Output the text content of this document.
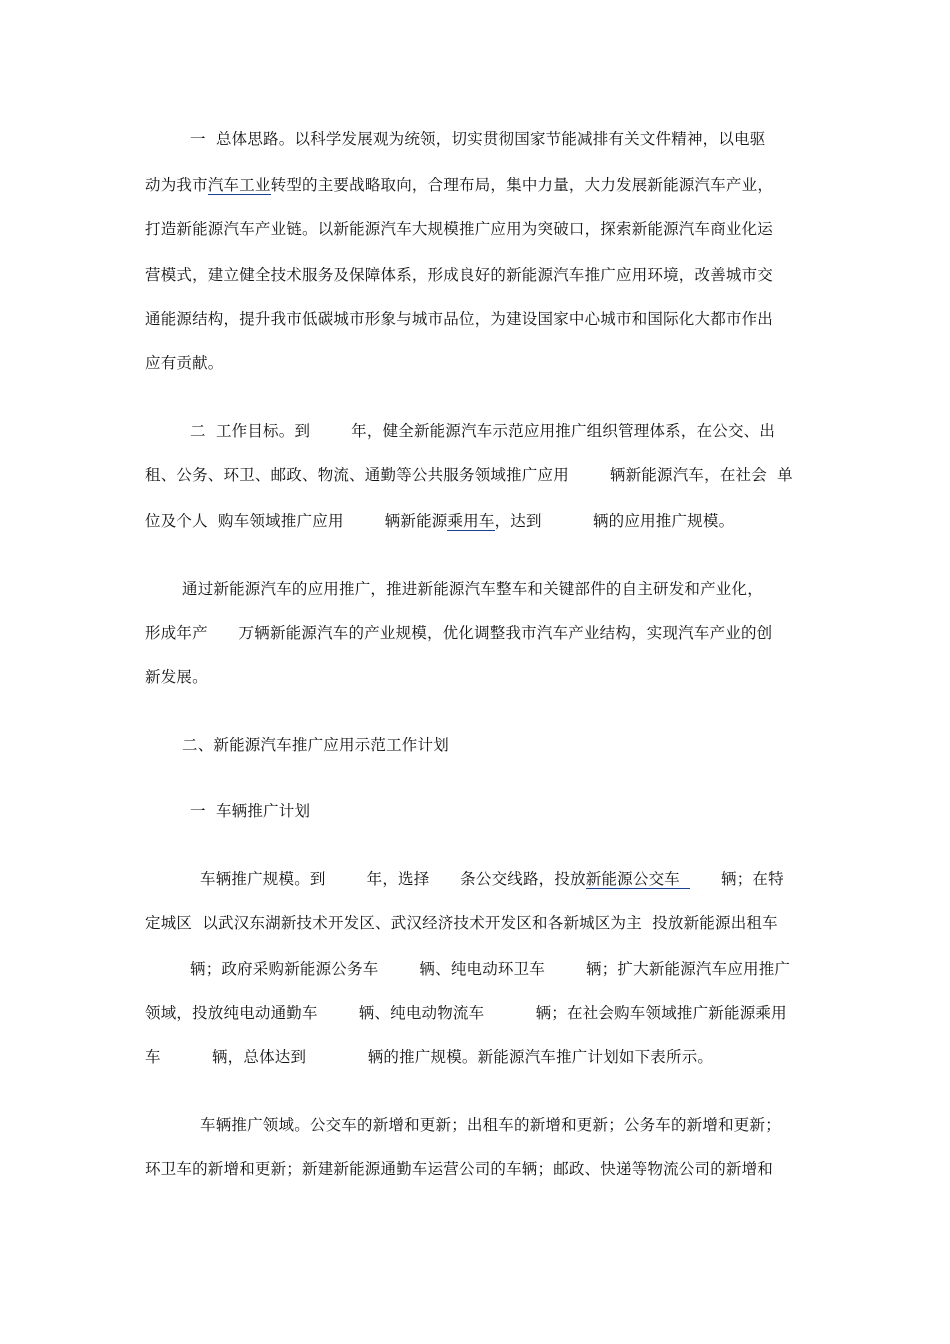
一  总体思路。以科学发展观为统领，切实贯彻国家节能减排有关文件精神，以电驱
动为我市汽车工业转型的主要战略取向，合理布局，集中力量，大力发展新能源汽车产业，
打造新能源汽车产业链。以新能源汽车大规模推广应用为突破口，探索新能源汽车商业化运
营模式，建立健全技术服务及保障体系，形成良好的新能源汽车推广应用环境，改善城市交
通能源结构，提升我市低碳城市形象与城市品位，为建设国家中心城市和国际化大都市作出
应有贡献。
二  工作目标。到        年，健全新能源汽车示范应用推广组织管理体系，在公交、出
租、公务、环卫、邮政、物流、通勤等公共服务领域推广应用        辆新能源汽车，在社会  单
位及个人  购车领域推广应用        辆新能源乘用车，达到          辆的应用推广规模。
通过新能源汽车的应用推广，推进新能源汽车整车和关键部件的自主研发和产业化，
形成年产      万辆新能源汽车的产业规模，优化调整我市汽车产业结构，实现汽车产业的创
新发展。
二、新能源汽车推广应用示范工作计划
一  车辆推广计划
车辆推广规模。到        年，选择      条公交线路，投放新能源公交车        辆；在特
定城区  以武汉东湖新技术开发区、武汉经济技术开发区和各新城区为主  投放新能源出租车
辆；政府采购新能源公务车        辆、纯电动环卫车        辆；扩大新能源汽车应用推广
领域，投放纯电动通勤车        辆、纯电动物流车          辆；在社会购车领域推广新能源乘用
车          辆，总体达到            辆的推广规模。新能源汽车推广计划如下表所示。
车辆推广领域。公交车的新增和更新；出租车的新增和更新；公务车的新增和更新；
环卫车的新增和更新；新建新能源通勤车运营公司的车辆；邮政、快递等物流公司的新增和
